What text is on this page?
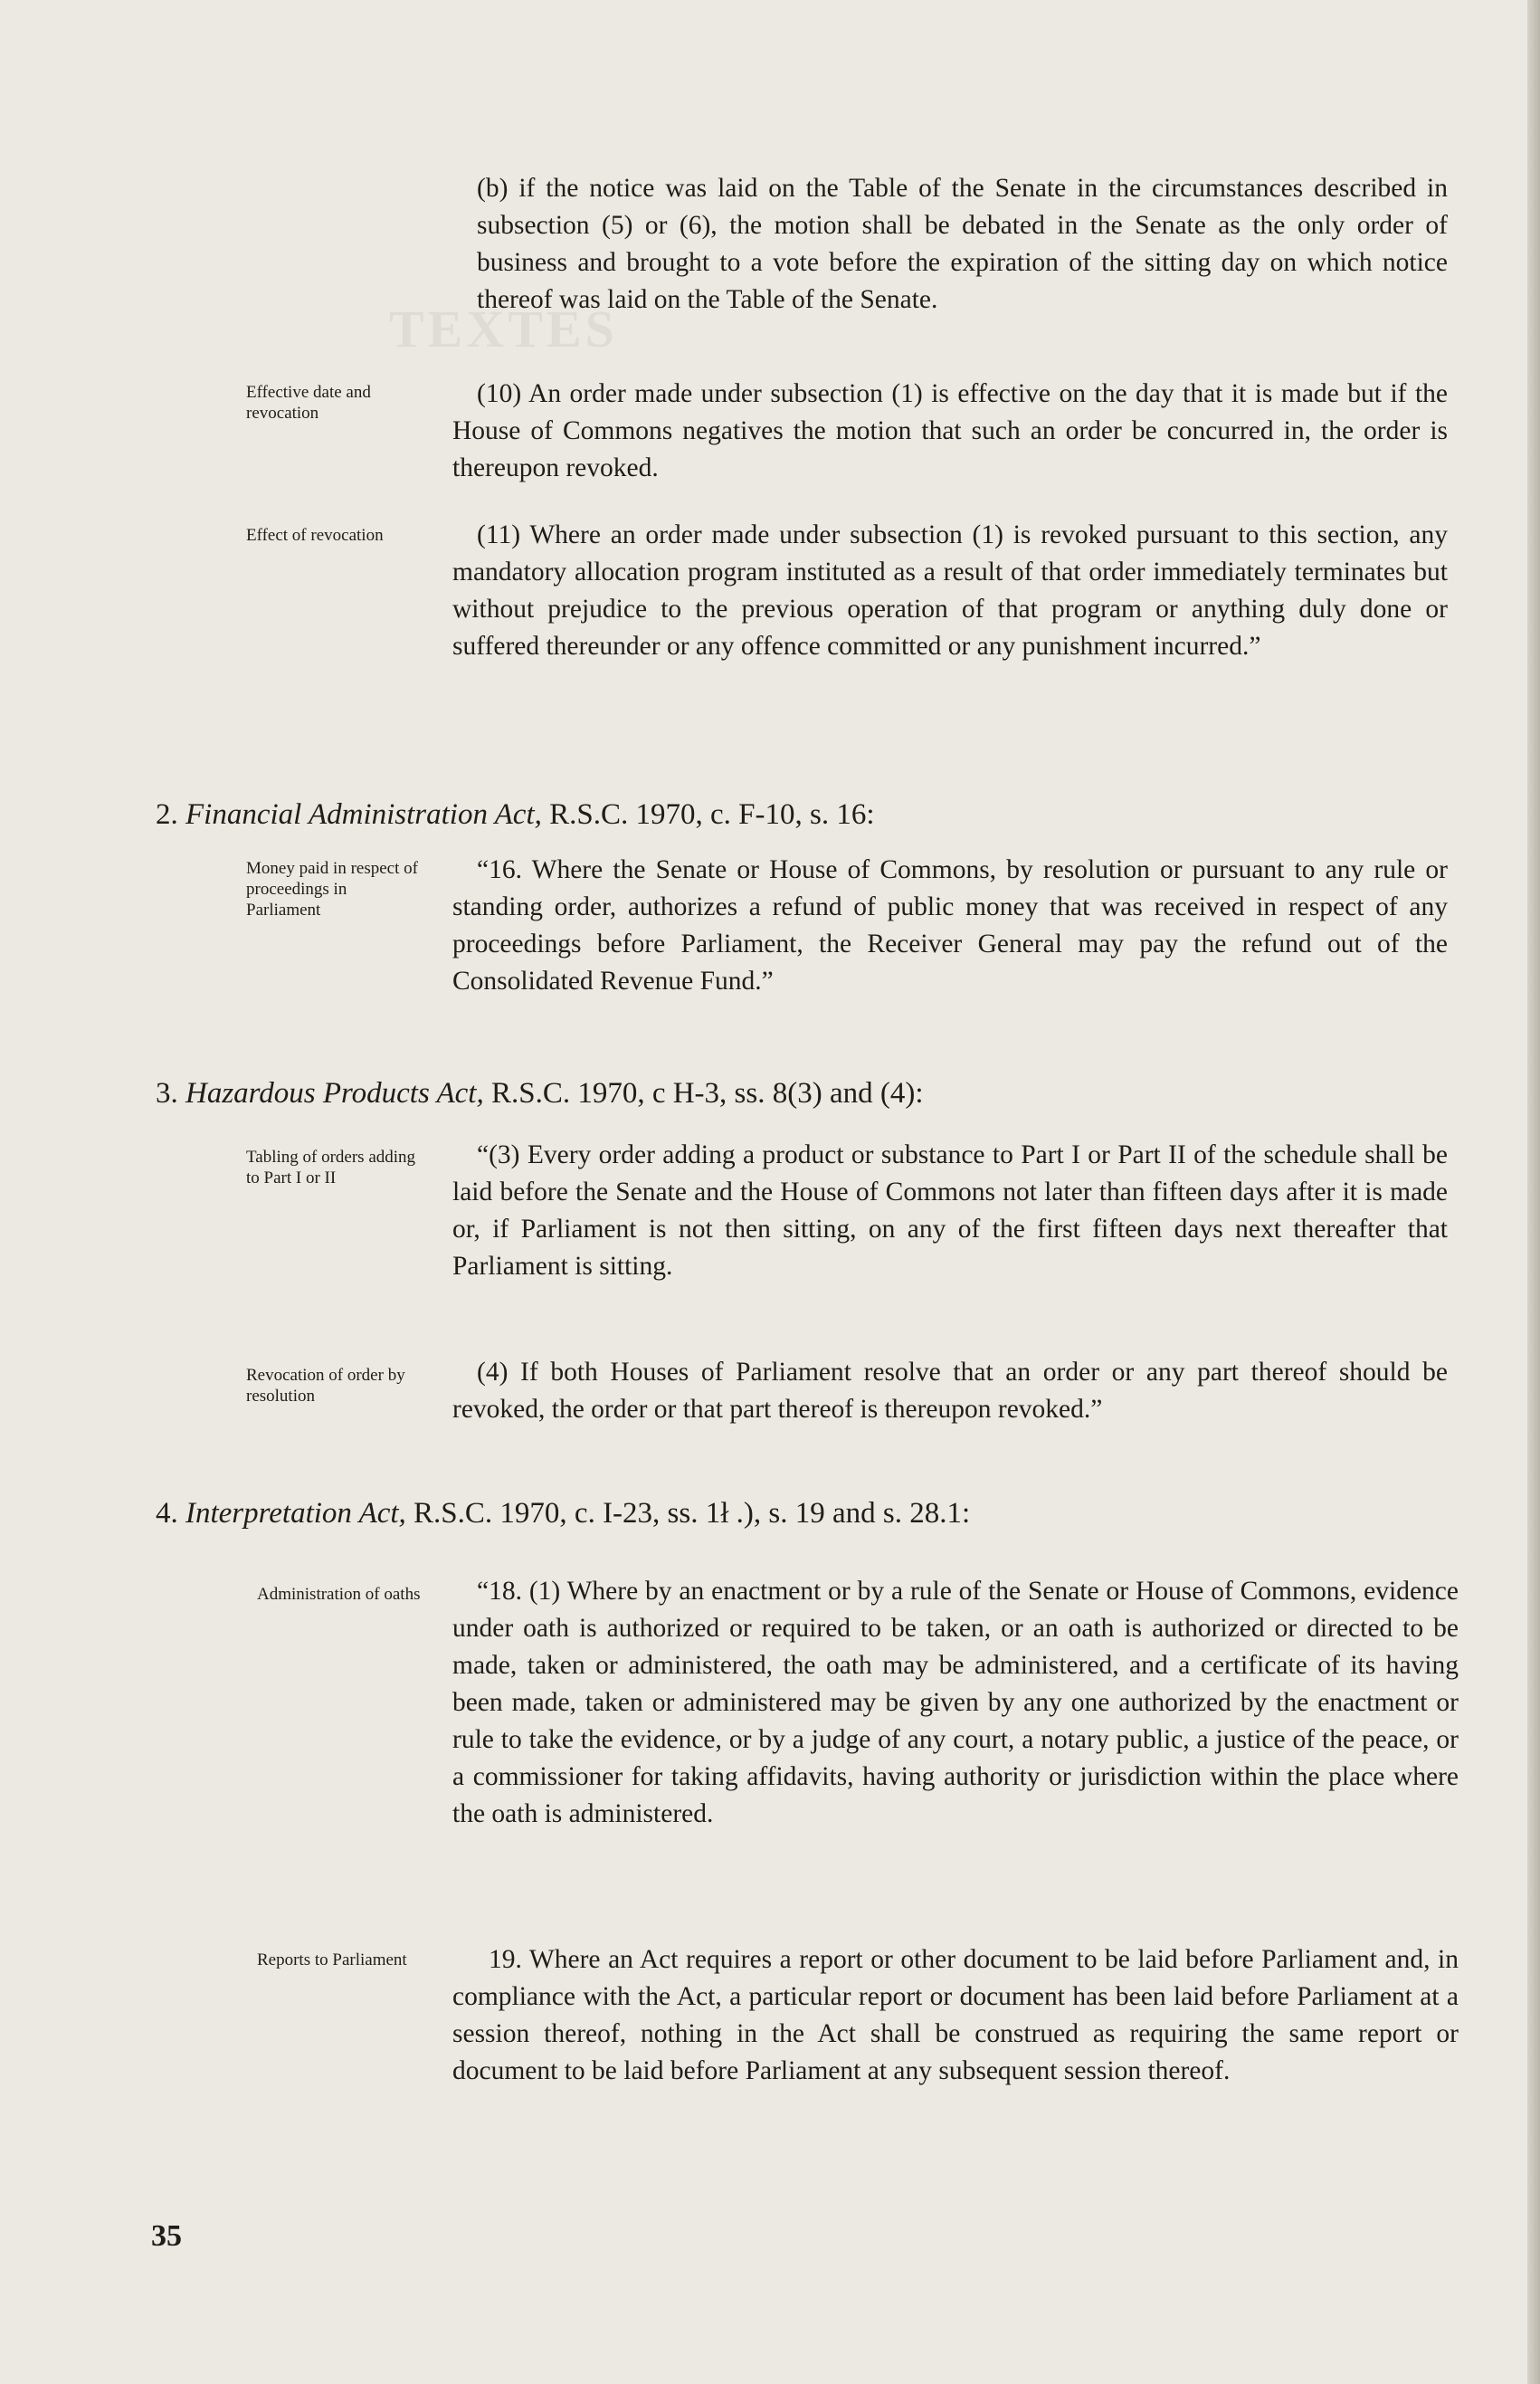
TEXTES

(b) if the notice was laid on the Table of the Senate in the circumstances described in subsection (5) or (6), the motion shall be debated in the Senate as the only order of business and brought to a vote before the expiration of the sitting day on which notice thereof was laid on the Table of the Senate.

Effective date and revocation

(10) An order made under subsection (1) is effective on the day that it is made but if the House of Commons negatives the motion that such an order be concurred in, the order is thereupon revoked.

Effect of revocation	(11) Where an order made under subsection (1) is revoked pursuant to this section, any mandatory allocation program instituted as a result of that order immediately terminates but without prejudice to the previous operation of that program or anything duly done or suffered thereunder or any offence committed or any punishment incurred.”

2. Financial Administration Act, R.S.C. 1970, c. F-10, s. 16:

Money paid in respect of proceedings in Parliament

“16. Where the Senate or House of Commons, by resolution or pursuant to any rule or standing order, authorizes a refund of public money that was received in respect of any proceedings before Parliament, the Receiver General may pay the refund out of the Consolidated Revenue Fund.”

3. Hazardous Products Act, R.S.C. 1970, c H-3, ss. 8(3) and (4):

Tabling of orders adding to Part I or II

“(3) Every order adding a product or substance to Part I or Part II of the schedule shall be laid before the Senate and the House of Commons not later than fifteen days after it is made or, if Parliament is not then sitting, on any of the first fifteen days next thereafter that Parliament is sitting.

Revocation of order by resolution

(4) If both Houses of Parliament resolve that an order or any part thereof should be revoked, the order or that part thereof is thereupon revoked.”

4. Interpretation Act, R.S.C. 1970, c. I-23, ss. 1ł .), s. 19 and s. 28.1:

Administration of oaths	“18. (1) Where by an enactment or by a rule of the Senate or House of Commons, evidence under oath is authorized or required to be taken, or an oath is authorized or directed to be made, taken or administered, the oath may be administered, and a certificate of its having been made, taken or administered may be given by any one authorized by the enactment or rule to take the evidence, or by a judge of any court, a notary public, a justice of the peace, or a commissioner for taking affidavits, having authority or jurisdiction within the place where the oath is administered.

Reports to Parliament	19. Where an Act requires a report or other document to be laid before Parliament and, in compliance with the Act, a particular report or document has been laid before Parliament at a session thereof, nothing in the Act shall be construed as requiring the same report or document to be laid before Parliament at any subsequent session thereof.

35
